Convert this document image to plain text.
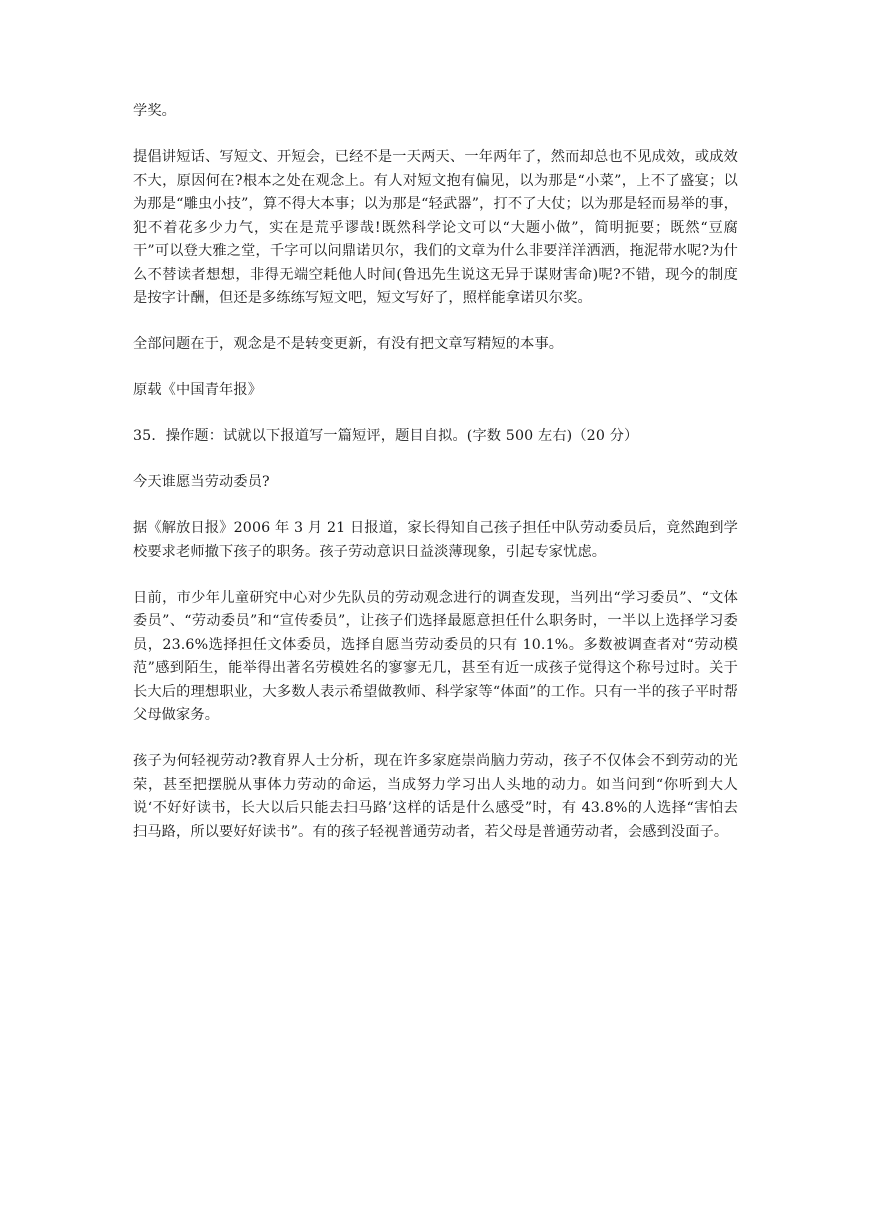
学奖。

提倡讲短话、写短文、开短会，已经不是一天两天、一年两年了，然而却总也不见成效，或成效不大，原因何在?根本之处在观念上。有人对短文抱有偏见，以为那是“小菜”，上不了盛宴；以为那是“雕虫小技”，算不得大本事；以为那是“轻武器”，打不了大仗；以为那是轻而易举的事，犯不着花多少力气，实在是荒乎谬哉!既然科学论文可以“大题小做”，简明扼要；既然“豆腐干”可以登大雅之堂，千字可以问鼎诺贝尔，我们的文章为什么非要洋洋洒洒，拖泥带水呢?为什么不替读者想想，非得无端空耗他人时间(鲁迅先生说这无异于谋财害命)呢?不错，现今的制度是按字计酬，但还是多练练写短文吧，短文写好了，照样能拿诺贝尔奖。

全部问题在于，观念是不是转变更新，有没有把文章写精短的本事。

原载《中国青年报》

35．操作题：试就以下报道写一篇短评，题目自拟。(字数 500 左右)（20 分）

今天谁愿当劳动委员?

据《解放日报》2006 年 3 月 21 日报道，家长得知自己孩子担任中队劳动委员后，竟然跑到学校要求老师撤下孩子的职务。孩子劳动意识日益淡薄现象，引起专家忧虑。

日前，市少年儿童研究中心对少先队员的劳动观念进行的调查发现，当列出“学习委员”、“文体委员”、“劳动委员”和“宣传委员”，让孩子们选择最愿意担任什么职务时，一半以上选择学习委员，23.6%选择担任文体委员，选择自愿当劳动委员的只有 10.1%。多数被调查者对“劳动模范”感到陌生，能举得出著名劳模姓名的寥寥无几，甚至有近一成孩子觉得这个称号过时。关于长大后的理想职业，大多数人表示希望做教师、科学家等“体面”的工作。只有一半的孩子平时帮父母做家务。

孩子为何轻视劳动?教育界人士分析，现在许多家庭崇尚脑力劳动，孩子不仅体会不到劳动的光荣，甚至把摆脱从事体力劳动的命运，当成努力学习出人头地的动力。如当问到“你听到大人说‘不好好读书，长大以后只能去扫马路’这样的话是什么感受”时，有 43.8%的人选择“害怕去扫马路，所以要好好读书”。有的孩子轻视普通劳动者，若父母是普通劳动者，会感到没面子。
